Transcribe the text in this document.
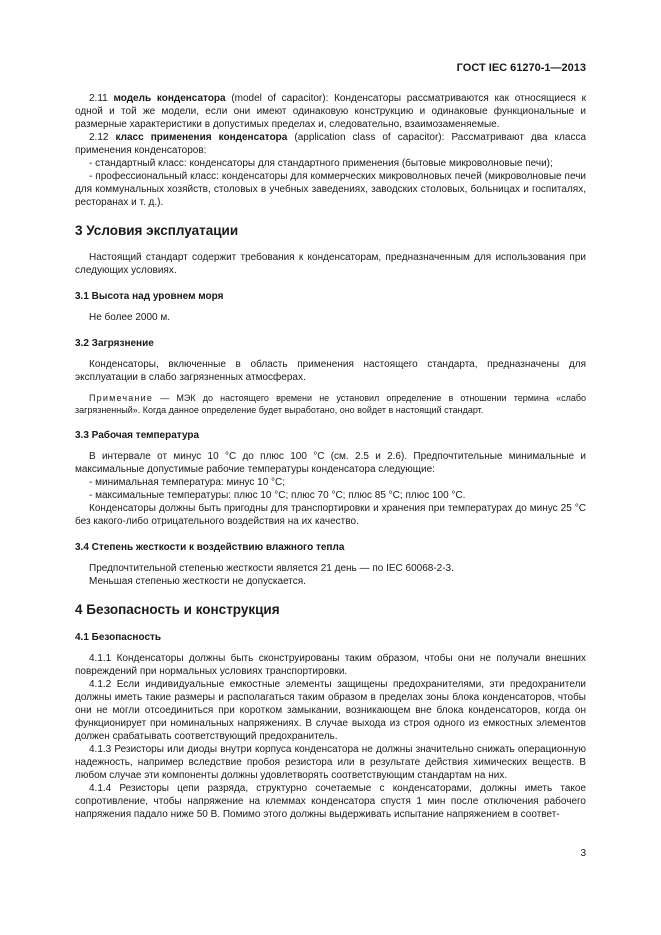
ГОСТ IEC 61270-1—2013

2.11 модель конденсатора (model of capacitor): Конденсаторы рассматриваются как относящиеся к одной и той же модели, если они имеют одинаковую конструкцию и одинаковые функциональные и размерные характеристики в допустимых пределах и, следовательно, взаимозаменяемые.

2.12 класс применения конденсатора (application class of capacitor): Рассматривают два класса применения конденсаторов:

- стандартный класс: конденсаторы для стандартного применения (бытовые микроволновые печи);

- профессиональный класс: конденсаторы для коммерческих микроволновых печей (микроволновые печи для коммунальных хозяйств, столовых в учебных заведениях, заводских столовых, больницах и госпиталях, ресторанах и т. д.).

3 Условия эксплуатации

Настоящий стандарт содержит требования к конденсаторам, предназначенным для использования при следующих условиях.

3.1 Высота над уровнем моря

Не более 2000 м.

3.2 Загрязнение

Конденсаторы, включенные в область применения настоящего стандарта, предназначены для эксплуатации в слабо загрязненных атмосферах.

Примечание — МЭК до настоящего времени не установил определение в отношении термина «слабо загрязненный». Когда данное определение будет выработано, оно войдет в настоящий стандарт.

3.3 Рабочая температура

В интервале от минус 10 °С до плюс 100 °С (см. 2.5 и 2.6). Предпочтительные минимальные и максимальные допустимые рабочие температуры конденсатора следующие:

- минимальная температура: минус 10 °С;

- максимальные температуры: плюс 10 °С; плюс 70 °С; плюс 85 °С; плюс 100 °С.

Конденсаторы должны быть пригодны для транспортировки и хранения при температурах до минус 25 °С без какого-либо отрицательного воздействия на их качество.

3.4 Степень жесткости к воздействию влажного тепла

Предпочтительной степенью жесткости является 21 день — по IEC 60068-2-3.

Меньшая степенью жесткости не допускается.

4 Безопасность и конструкция
4.1 Безопасность

4.1.1 Конденсаторы должны быть сконструированы таким образом, чтобы они не получали внешних повреждений при нормальных условиях транспортировки.

4.1.2 Если индивидуальные емкостные элементы защищены предохранителями, эти предохранители должны иметь такие размеры и располагаться таким образом в пределах зоны блока конденсаторов, чтобы они не могли отсоединиться при коротком замыкании, возникающем вне блока конденсаторов, когда он функционирует при номинальных напряжениях. В случае выхода из строя одного из емкостных элементов должен срабатывать соответствующий предохранитель.

4.1.3 Резисторы или диоды внутри корпуса конденсатора не должны значительно снижать операционную надежность, например вследствие пробоя резистора или в результате действия химических веществ. В любом случае эти компоненты должны удовлетворять соответствующим стандартам на них.

4.1.4 Резисторы цепи разряда, структурно сочетаемые с конденсаторами, должны иметь такое сопротивление, чтобы напряжение на клеммах конденсатора спустя 1 мин после отключения рабочего напряжения падало ниже 50 В. Помимо этого должны выдерживать испытание напряжением в соответ-

3
